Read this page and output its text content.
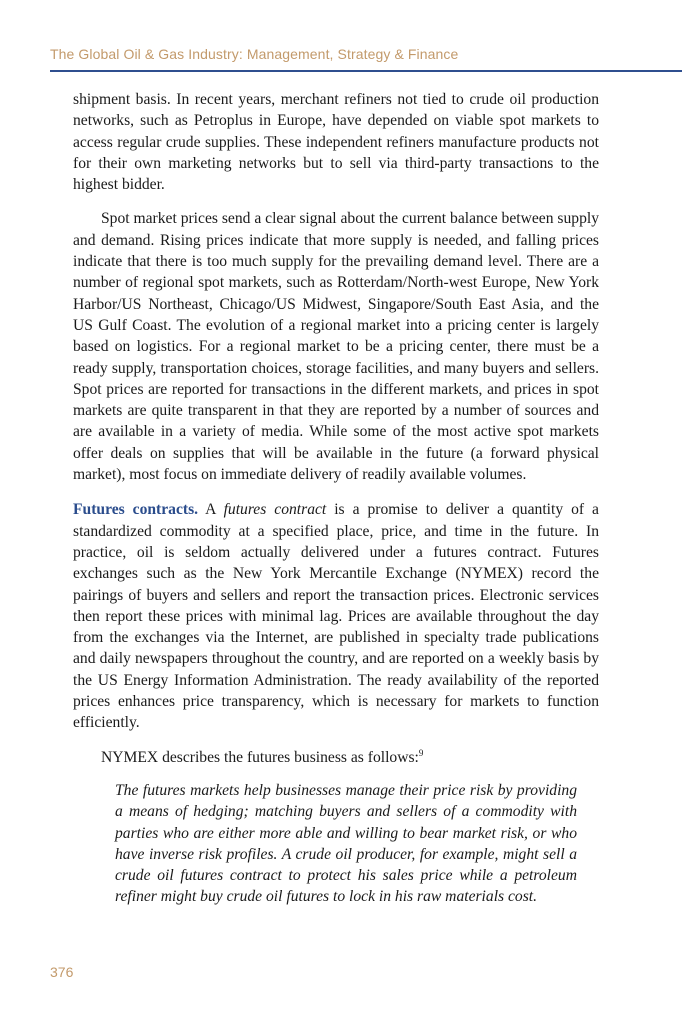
The Global Oil & Gas Industry: Management, Strategy & Finance

shipment basis. In recent years, merchant refiners not tied to crude oil production networks, such as Petroplus in Europe, have depended on viable spot markets to access regular crude supplies. These independent refiners manufacture products not for their own marketing networks but to sell via third-party transactions to the highest bidder.

Spot market prices send a clear signal about the current balance between supply and demand. Rising prices indicate that more supply is needed, and falling prices indicate that there is too much supply for the prevailing demand level. There are a number of regional spot markets, such as Rotterdam/North-west Europe, New York Harbor/US Northeast, Chicago/US Midwest, Singapore/South East Asia, and the US Gulf Coast. The evolution of a regional market into a pricing center is largely based on logistics. For a regional market to be a pricing center, there must be a ready supply, transportation choices, storage facilities, and many buyers and sellers. Spot prices are reported for transactions in the different markets, and prices in spot markets are quite transparent in that they are reported by a number of sources and are available in a variety of media. While some of the most active spot markets offer deals on supplies that will be available in the future (a forward physical market), most focus on immediate delivery of readily available volumes.

Futures contracts. A futures contract is a promise to deliver a quantity of a standardized commodity at a specified place, price, and time in the future. In practice, oil is seldom actually delivered under a futures contract. Futures exchanges such as the New York Mercantile Exchange (NYMEX) record the pairings of buyers and sellers and report the transaction prices. Electronic services then report these prices with minimal lag. Prices are available throughout the day from the exchanges via the Internet, are published in specialty trade publications and daily newspapers throughout the country, and are reported on a weekly basis by the US Energy Information Administration. The ready availability of the reported prices enhances price transparency, which is necessary for markets to function efficiently.

NYMEX describes the futures business as follows:$^9$

The futures markets help businesses manage their price risk by providing a means of hedging; matching buyers and sellers of a commodity with parties who are either more able and willing to bear market risk, or who have inverse risk profiles. A crude oil producer, for example, might sell a crude oil futures contract to protect his sales price while a petroleum refiner might buy crude oil futures to lock in his raw materials cost.

376
